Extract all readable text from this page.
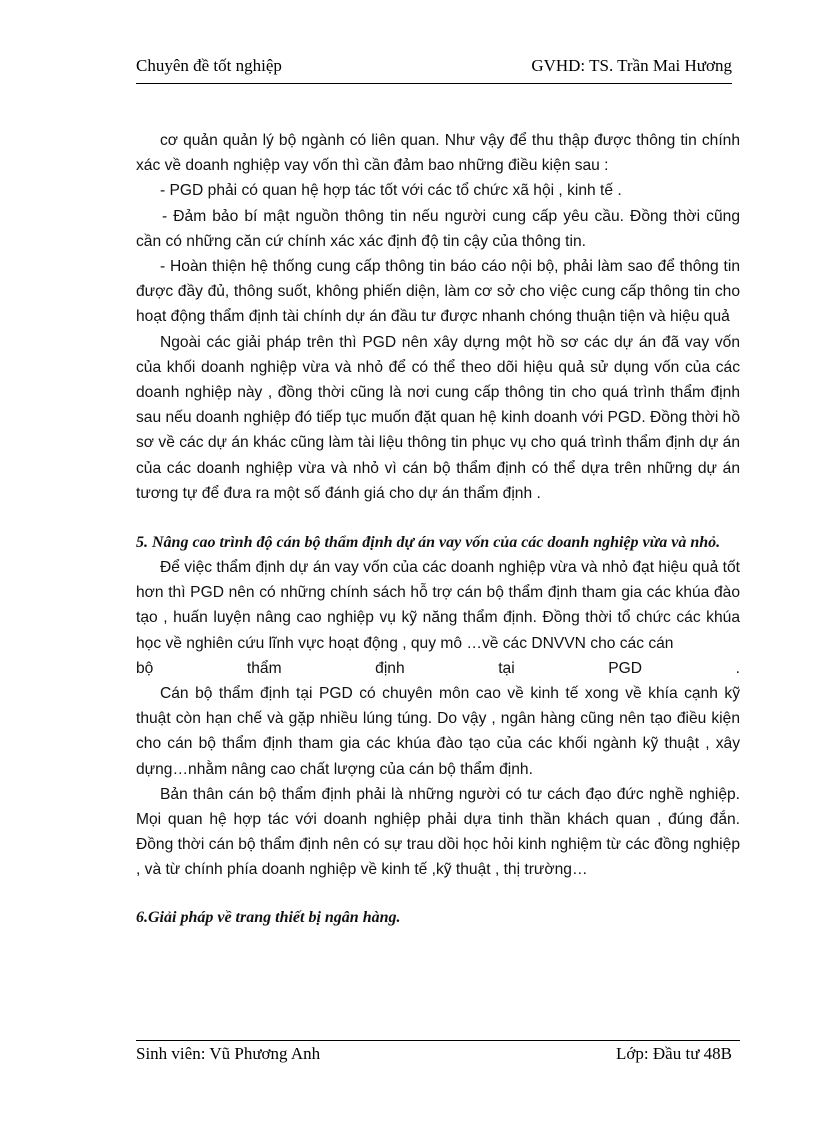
Chuyên đề tốt nghiệp	GVHD: TS. Trần Mai Hương

cơ quản quản lý bộ ngành có liên quan. Như vậy để thu thập được thông tin chính xác về doanh nghiệp vay vốn thì cần đảm bao những điều kiện sau :

- PGD phải có quan hệ hợp tác tốt với các tổ chức xã hội , kinh tế .

- Đảm bảo bí mật nguồn thông tin nếu người cung cấp yêu cầu. Đồng thời cũng cần có những căn cứ chính xác xác định độ tin cậy của thông tin.

- Hoàn thiện hệ thống cung cấp thông tin báo cáo nội bộ, phải làm sao để thông tin được đầy đủ, thông suốt, không phiến diện, làm cơ sở cho việc cung cấp thông tin cho hoạt động thẩm định tài chính dự án đầu tư được nhanh chóng thuận tiện và hiệu quả

Ngoài các giải pháp trên thì PGD nên xây dựng một hồ sơ các dự án đã vay vốn của khối doanh nghiệp vừa và nhỏ để có thể theo dõi hiệu quả sử dụng vốn của các doanh nghiệp này , đồng thời cũng là nơi cung cấp thông tin cho quá trình thẩm định sau nếu doanh nghiệp đó tiếp tục muốn đặt quan hệ kinh doanh với PGD. Đồng thời hồ sơ về các dự án khác cũng làm tài liệu thông tin phục vụ cho quá trình thẩm định dự án của các doanh nghiệp vừa và nhỏ vì cán bộ thẩm định có thể dựa trên những dự án tương tự để đưa ra một số đánh giá cho dự án thẩm định .

5. Nâng cao trình độ cán bộ thẩm định dự án vay vốn của các doanh nghiệp vừa và nhỏ.

Để việc thẩm định dự án vay vốn của các doanh nghiệp vừa và nhỏ đạt hiệu quả tốt hơn thì PGD nên có những chính sách hỗ trợ cán bộ thẩm định tham gia các khúa đào tạo , huấn luyện nâng cao nghiệp vụ kỹ năng thẩm định. Đồng thời tổ chức các khúa học về nghiên cứu lĩnh vực hoạt động , quy mô …về các DNVVN cho các cán

bộ	thẩm	định	tại	PGD	.

Cán bộ thẩm định tại PGD có chuyên môn cao về kinh tế xong về khía cạnh kỹ thuật còn hạn chế và gặp nhiều lúng túng. Do vậy , ngân hàng cũng nên tạo điều kiện cho cán bộ thẩm định tham gia các khúa đào tạo của các khối ngành kỹ thuật , xây dựng…nhằm nâng cao chất lượng của cán bộ thẩm định.

Bản thân cán bộ thẩm định phải là những người có tư cách đạo đức nghề nghiệp. Mọi quan hệ hợp tác với doanh nghiệp phải dựa tinh thần khách quan , đúng đắn. Đồng thời cán bộ thẩm định nên có sự trau dồi học hỏi kinh nghiệm từ các đồng nghiệp , và từ chính phía doanh nghiệp về kinh tế ,kỹ thuật , thị trường…

6.Giải pháp về trang thiết bị ngân hàng.

Sinh viên: Vũ Phương Anh	Lớp: Đầu tư 48B
